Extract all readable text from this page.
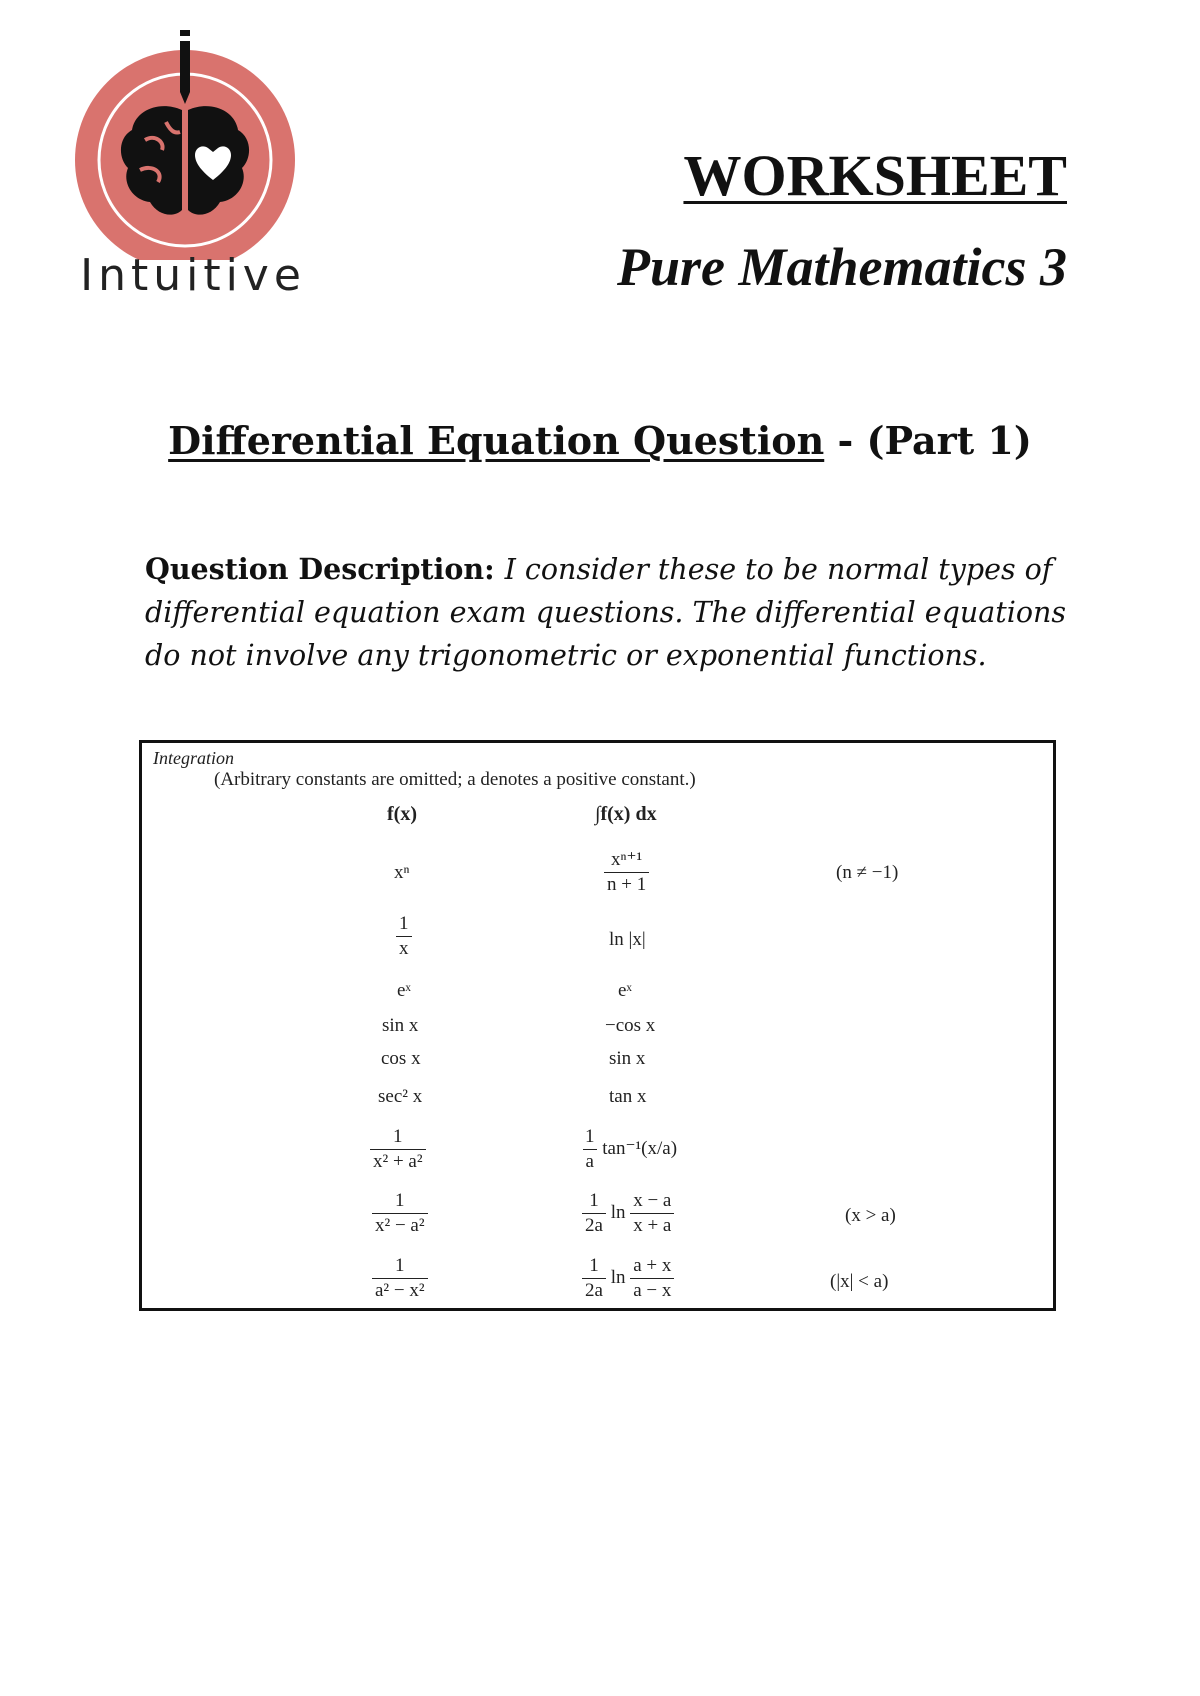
Intuitive
WORKSHEET
Pure Mathematics 3
Differential Equation Question - (Part 1)

Question Description: I consider these to be normal types of differential equation exam questions. The differential equations do not involve any trigonometric or exponential functions.

Integration
(Arbitrary constants are omitted; a denotes a positive constant.)
f(x)	∫f(x) dx
xⁿ	$\frac{\text{xⁿ⁺¹}}{n + 1}$	(n ≠ −1)
$\frac{1}{x}$	ln |x|
eˣ	eˣ
sin x	−cos x
cos x	sin x
sec² x	tan x
$\frac{1}{\text{x² + a²}}$	$\frac{1}{a} \tan^{-1}(x/a)$
$\frac{1}{\text{x² − a²}}$	$\frac{1}{2a}$ $\ln \frac{x - a}{x + a}$	(x > a)
$\frac{1}{\text{a² − x²}}$	$\frac{1}{2a}$ $\ln \frac{a + x}{a - x}$	(|x| < a)
